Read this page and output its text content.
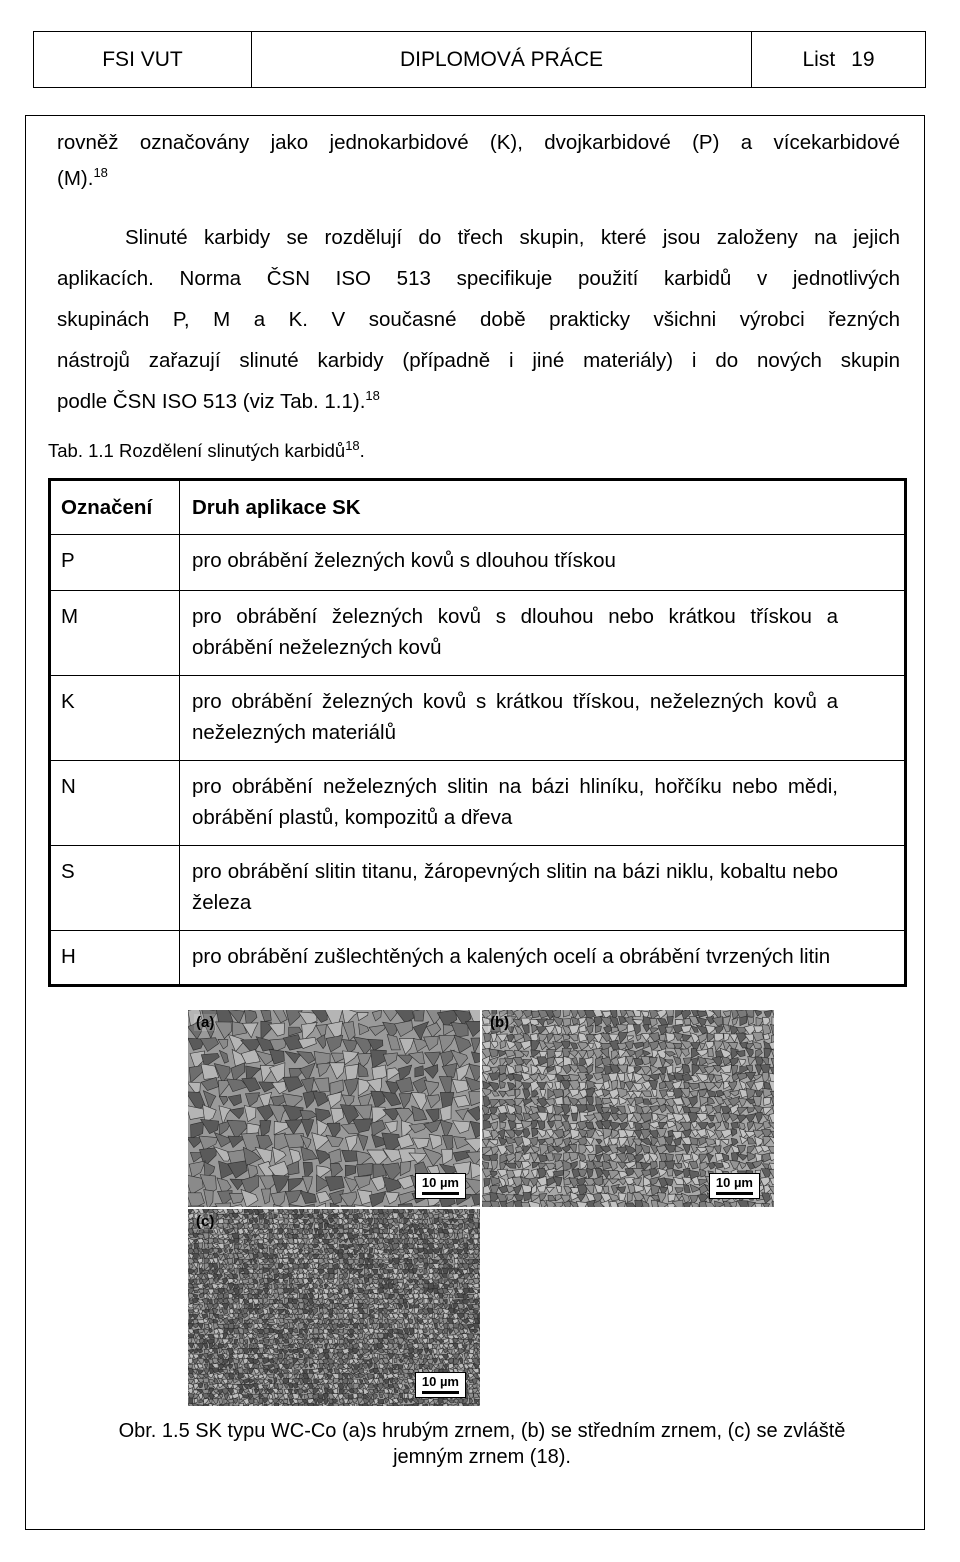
FSI VUT	DIPLOMOVÁ PRÁCE	List 19
rovněž označovány jako jednokarbidové (K), dvojkarbidové (P) a vícekarbidové
(M).$^{18}$
Slinuté karbidy se rozdělují do třech skupin, které jsou založeny na jejich
aplikacích. Norma ČSN ISO 513 specifikuje použití karbidů v jednotlivých
skupinách P, M a K. V současné době prakticky všichni výrobci řezných
nástrojů zařazují slinuté karbidy (případně i jiné materiály) i do nových skupin
podle ČSN ISO 513 (viz Tab. 1.1).$^{18}$
Tab. 1.1 Rozdělení slinutých karbidů$^{18}$.
Označení	Druh aplikace SK
P	pro obrábění železných kovů s dlouhou třískou
M	pro obrábění železných kovů s dlouhou nebo krátkou třískou a obrábění neželezných kovů
K	pro obrábění železných kovů s krátkou třískou, neželezných kovů a neželezných materiálů
N	pro obrábění neželezných slitin na bázi hliníku, hořčíku nebo mědi, obrábění plastů, kompozitů a dřeva
S	pro obrábění slitin titanu, žáropevných slitin na bázi niklu, kobaltu nebo železa
H	pro obrábění zušlechtěných a kalených ocelí a obrábění tvrzených litin
(a)
10 µm
(b)
10 µm
(c)
10 µm
Obr. 1.5 SK typu WC-Co (a)s hrubým zrnem, (b) se středním zrnem, (c) se zvláště
jemným zrnem (18).
